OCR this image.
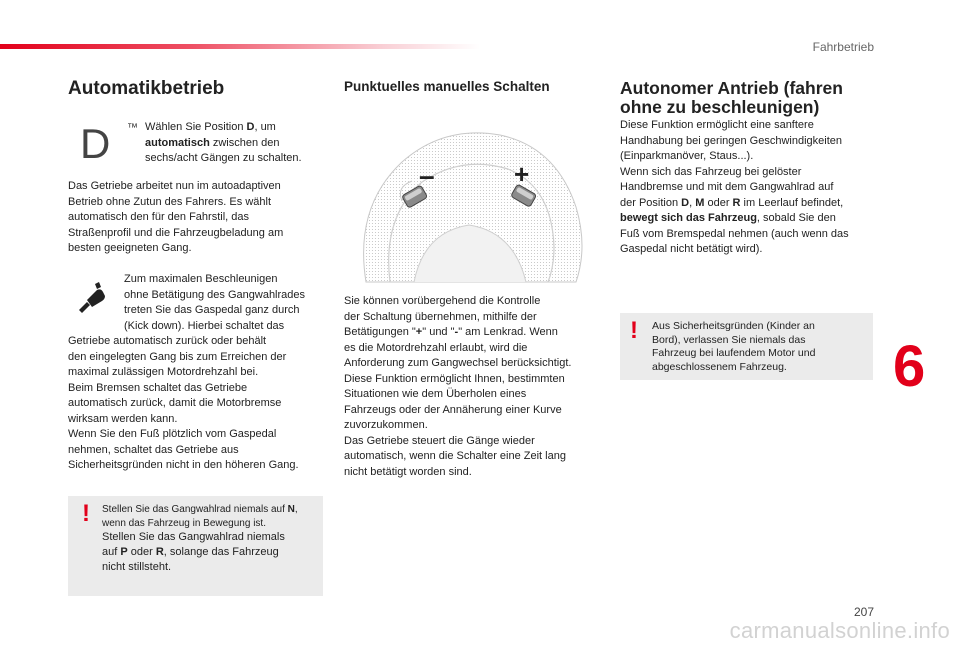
Fahrbetrieb
Automatikbetrieb
D ™ Wählen Sie Position D, um
automatisch zwischen den
sechs/acht Gängen zu schalten.
Das Getriebe arbeitet nun im autoadaptiven
Betrieb ohne Zutun des Fahrers. Es wählt
automatisch den für den Fahrstil, das
Straßenprofil und die Fahrzeugbeladung am
besten geeigneten Gang.
Zum maximalen Beschleunigen
ohne Betätigung des Gangwahlrades
treten Sie das Gaspedal ganz durch
(Kick down). Hierbei schaltet das
Getriebe automatisch zurück oder behält
den eingelegten Gang bis zum Erreichen der
maximal zulässigen Motordrehzahl bei.
Beim Bremsen schaltet das Getriebe
automatisch zurück, damit die Motorbremse
wirksam werden kann.
Wenn Sie den Fuß plötzlich vom Gaspedal
nehmen, schaltet das Getriebe aus
Sicherheitsgründen nicht in den höheren Gang.
! Stellen Sie das Gangwahlrad niemals auf N,
wenn das Fahrzeug in Bewegung ist.
Stellen Sie das Gangwahlrad niemals
auf P oder R, solange das Fahrzeug
nicht stillsteht.
Punktuelles manuelles Schalten
–	+
Sie können vorübergehend die Kontrolle
der Schaltung übernehmen, mithilfe der
Betätigungen "+" und "-" am Lenkrad. Wenn
es die Motordrehzahl erlaubt, wird die
Anforderung zum Gangwechsel berücksichtigt.
Diese Funktion ermöglicht Ihnen, bestimmten
Situationen wie dem Überholen eines
Fahrzeugs oder der Annäherung einer Kurve
zuvorzukommen.
Das Getriebe steuert die Gänge wieder
automatisch, wenn die Schalter eine Zeit lang
nicht betätigt worden sind.
Autonomer Antrieb (fahren
ohne zu beschleunigen)
Diese Funktion ermöglicht eine sanftere
Handhabung bei geringen Geschwindigkeiten
(Einparkmanöver, Staus...).
Wenn sich das Fahrzeug bei gelöster
Handbremse und mit dem Gangwahlrad auf
der Position D, M oder R im Leerlauf befindet,
bewegt sich das Fahrzeug, sobald Sie den
Fuß vom Bremspedal nehmen (auch wenn das
Gaspedal nicht betätigt wird).
! Aus Sicherheitsgründen (Kinder an
Bord), verlassen Sie niemals das
Fahrzeug bei laufendem Motor und
abgeschlossenem Fahrzeug.	6
207
carmanualsonline.info
